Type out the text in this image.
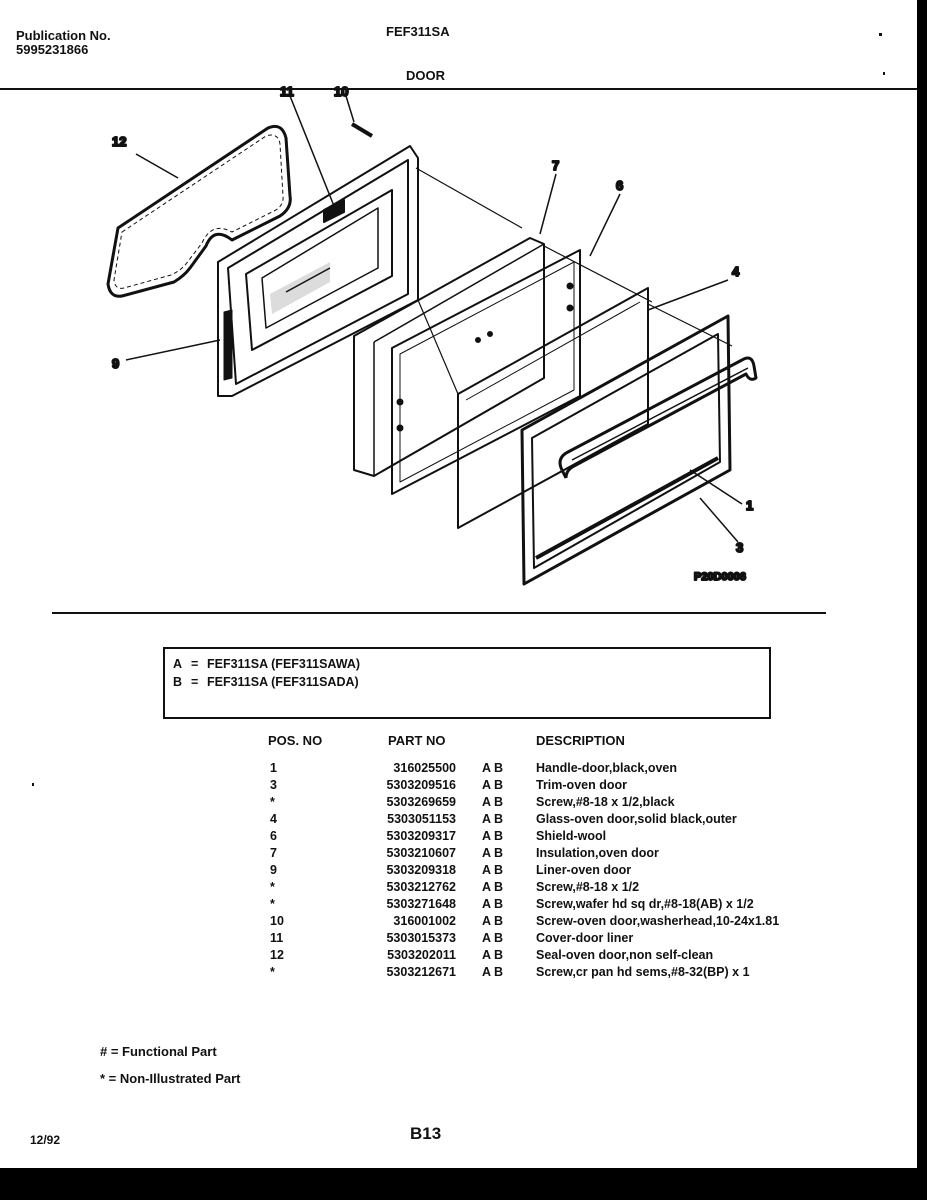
Publication No.
5995231866
FEF311SA
DOOR
11	10
12
7
6
4
9
1
3
P20D0006
A = FEF311SA (FEF311SAWA)
B = FEF311SA (FEF311SADA)
POS. NO	PART NO	DESCRIPTION
1	316025500 A B	Handle-door,black,oven
3	5303209516 A B	Trim-oven door
*	5303269659 A B	Screw,#8-18 x 1/2,black
4	5303051153 A B	Glass-oven door,solid black,outer
6	5303209317 A B	Shield-wool
7	5303210607 A B	Insulation,oven door
9	5303209318 A B	Liner-oven door
*	5303212762 A B	Screw,#8-18 x 1/2
*	5303271648 A B	Screw,wafer hd sq dr,#8-18(AB) x 1/2
10	316001002 A B	Screw-oven door,washerhead,10-24x1.81
11	5303015373 A B	Cover-door liner
12	5303202011 A B	Seal-oven door,non self-clean
*	5303212671 A B	Screw,cr pan hd sems,#8-32(BP) x 1
# = Functional Part
* = Non-Illustrated Part
12/92	B13
